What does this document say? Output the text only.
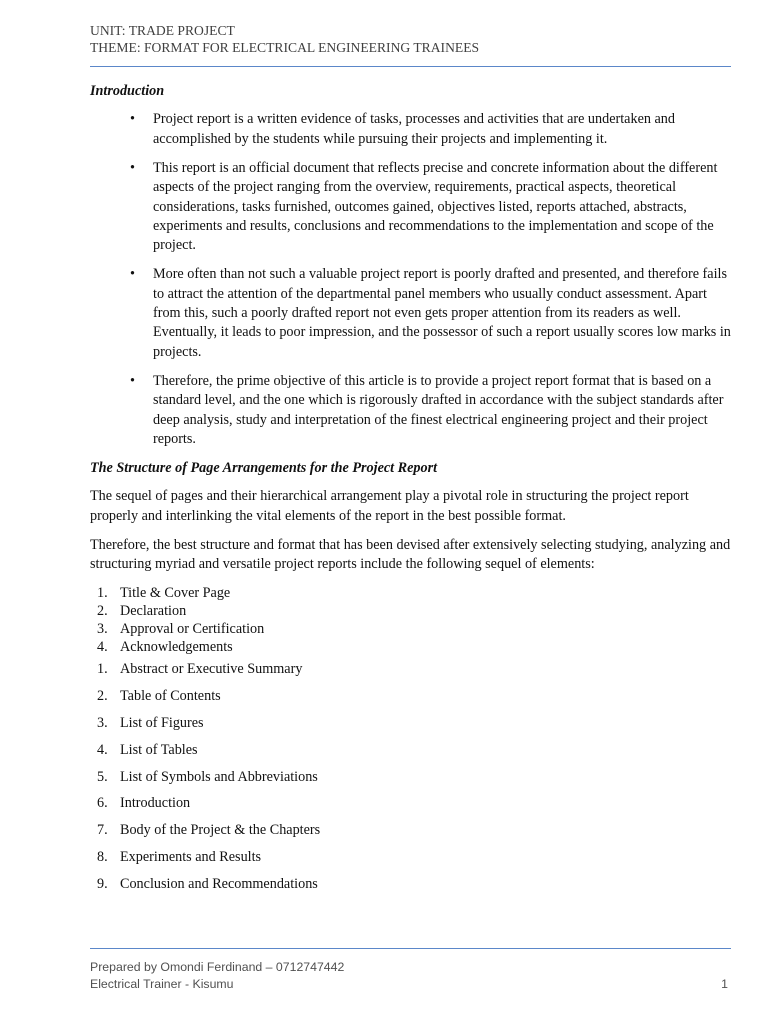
UNIT: TRADE PROJECT
THEME: FORMAT FOR ELECTRICAL ENGINEERING TRAINEES
Introduction
• Project report is a written evidence of tasks, processes and activities that are undertaken and accomplished by the students while pursuing their projects and implementing it.
• This report is an official document that reflects precise and concrete information about the different aspects of the project ranging from the overview, requirements, practical aspects, theoretical considerations, tasks furnished, outcomes gained, objectives listed, reports attached, abstracts, experiments and results, conclusions and recommendations to the implementation and scope of the project.
• More often than not such a valuable project report is poorly drafted and presented, and therefore fails to attract the attention of the departmental panel members who usually conduct assessment. Apart from this, such a poorly drafted report not even gets proper attention from its readers as well. Eventually, it leads to poor impression, and the possessor of such a report usually scores low marks in projects.
• Therefore, the prime objective of this article is to provide a project report format that is based on a standard level, and the one which is rigorously drafted in accordance with the subject standards after deep analysis, study and interpretation of the finest electrical engineering project and their project reports.
The Structure of Page Arrangements for the Project Report

The sequel of pages and their hierarchical arrangement play a pivotal role in structuring the project report properly and interlinking the vital elements of the report in the best possible format.

Therefore, the best structure and format that has been devised after extensively selecting studying, analyzing and structuring myriad and versatile project reports include the following sequel of elements:

1. Title & Cover Page
2. Declaration
3. Approval or Certification
4. Acknowledgements
1. Abstract or Executive Summary
2. Table of Contents
3. List of Figures
4. List of Tables
5. List of Symbols and Abbreviations
6. Introduction
7. Body of the Project & the Chapters
8. Experiments and Results
9. Conclusion and Recommendations
Prepared by Omondi Ferdinand – 0712747442
Electrical Trainer - Kisumu	1
